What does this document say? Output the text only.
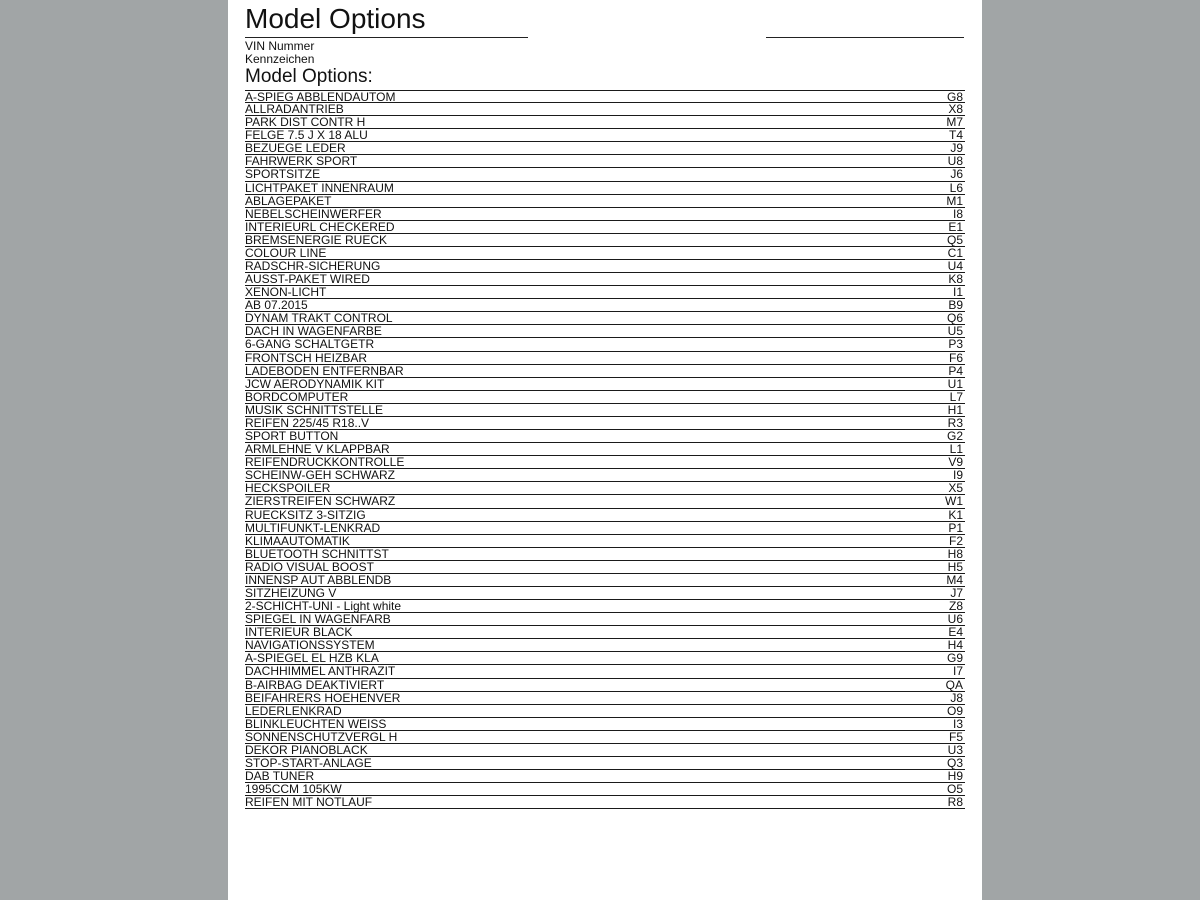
Model Options
VIN Nummer
Kennzeichen
Model Options:
A-SPIEG ABBLENDAUTOM	G8
ALLRADANTRIEB	X8
PARK DIST CONTR H	M7
FELGE 7.5 J X 18 ALU	T4
BEZUEGE LEDER	J9
FAHRWERK SPORT	U8
SPORTSITZE	J6
LICHTPAKET INNENRAUM	L6
ABLAGEPAKET	M1
NEBELSCHEINWERFER	I8
INTERIEURL CHECKERED	E1
BREMSENERGIE RUECK	Q5
COLOUR LINE	C1
RADSCHR-SICHERUNG	U4
AUSST-PAKET WIRED	K8
XENON-LICHT	I1
AB 07.2015	B9
DYNAM TRAKT CONTROL	Q6
DACH IN WAGENFARBE	U5
6-GANG SCHALTGETR	P3
FRONTSCH HEIZBAR	F6
LADEBODEN ENTFERNBAR	P4
JCW AERODYNAMIK KIT	U1
BORDCOMPUTER	L7
MUSIK SCHNITTSTELLE	H1
REIFEN 225/45 R18..V	R3
SPORT BUTTON	G2
ARMLEHNE V KLAPPBAR	L1
REIFENDRUCKKONTROLLE	V9
SCHEINW-GEH SCHWARZ	I9
HECKSPOILER	X5
ZIERSTREIFEN SCHWARZ	W1
RUECKSITZ 3-SITZIG	K1
MULTIFUNKT-LENKRAD	P1
KLIMAAUTOMATIK	F2
BLUETOOTH SCHNITTST	H8
RADIO VISUAL BOOST	H5
INNENSP AUT ABBLENDB	M4
SITZHEIZUNG V	J7
2-SCHICHT-UNI - Light white	Z8
SPIEGEL IN WAGENFARB	U6
INTERIEUR BLACK	E4
NAVIGATIONSSYSTEM	H4
A-SPIEGEL EL HZB KLA	G9
DACHHIMMEL ANTHRAZIT	I7
B-AIRBAG DEAKTIVIERT	QA
BEIFAHRERS HOEHENVER	J8
LEDERLENKRAD	O9
BLINKLEUCHTEN WEISS	I3
SONNENSCHUTZVERGL H	F5
DEKOR PIANOBLACK	U3
STOP-START-ANLAGE	Q3
DAB TUNER	H9
1995CCM 105KW	O5
REIFEN MIT NOTLAUF	R8
